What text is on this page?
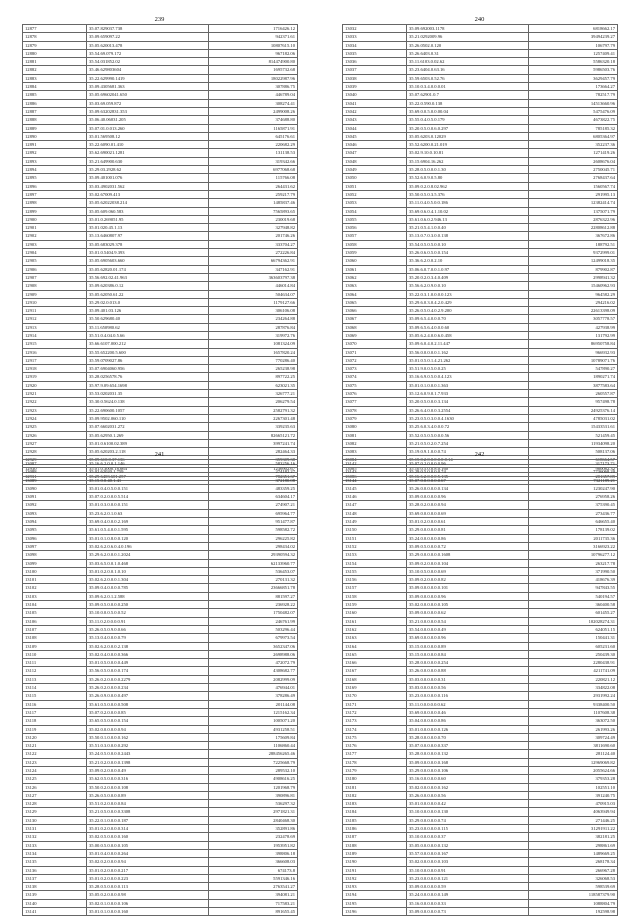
239
12877	35.07.829037.738	1716426.12
12878	35.09.659097.22	942371.61
12879	35.05.620013.478	10807615.10
12880	35.54.69.079.172	967182.06
12881	35.54.031852.02	814474900.80
12882	35.46.629803604	1695732.68
12883	35.22.629990.1419	18022987.96
12884	35.09.4305681.363	307886.75
12885	35.05.69602041.650	446789.04
12886	35.03.69.059.872	308274.41
12887	35.09.63202831.353	2499008.26
12888	35.06.40.06031.205	374688.80
12889	35.07.01.0.013.260	1165871.91
12890	35.01.569508.12	645176.61
12891	35.22.6090.01.410	220682.29
12892	35.62.690021.1281	131138.53
12893	35.21.649900.630	319342.66
12894	35.29.03.2928.62	6977068.68
12895	35.09.401001.076	115766.08
12896	35.03.4902031.562	264431.62
12897	35.02.67009.413	259217.79
12898	35.05.62022038.214	1485837.46
12899	35.05.609.060.583	7565893.65
12900	35.01.0.269051.95	230019.68
12901	35.01.020.45.1.13	327948.82
12902	35.13.6460807.97	201746.26
12903	35.05.683029.378	333704.27
12904	35.01.0.5404.9.393	272226.84
12905	35.05.6905603.660	66794362.91
12906	35.05.62820.01.174	347162.91
12907	35.56.692.02.41.963	363603797.38
12908	35.09.620386.0.12	446014.84
12909	35.05.62050.61.22	504634.07
12910	35.29.02.0.013.0	1179127.66
12911	35.09.401.03.126	306106.08
12912	35.50.629680.40	234264.88
12913	35.11.650980.62	287876.84
12914	35.51.0.4.04.0.5.66	319972.76
12915	35.66.6107.000.212	1081324.09
12916	35.55.652200.5.600	1657820.24
12917	35.59.0709027.86	770286.40
12918	35.07.6904060.956	265238.98
12919	35.28.0256578.76	897722.25
12920	35.97.9.09.654.1698	623021.35
12921	35.53.0202031.35	326777.21
12922	35.30.0.5624.0.138	206279.54
12923	35.22.690600.1057	2582791.32
12924	35.09.9502.060.110	2267301.48
12925	35.07.6602031.272	339235.63
12926	35.05.62950.1.269	82665121.72
12927	35.01.0.6100.02.389	3997241.74
12928	35.05.620203.2.118	282464.33
12929	35.09.610.0.37.136	359309.38
12930	35.01.0.3000.18.664	1236902.67
12931	35.29.6403.601.257	782351.37
240
13032	35.09.692003.1178	6818662.17
13033	35.21.0292009.96	39494239.27
13034	35.26.0502.0.120	106797.79
13035	35.26.6403.0.31	1257409.41
13036	35.11.6103.0.02.62	5586320.18
13037	35.23.6404.0.63.16	5986503.76
13038	35.59.6503.0.52.76	3629457.79
13039	35.10.0.3.4.0.0.0.01	173664.27
13040	35.07.62901.0.7	782517.79
13041	35.22.0.590.0.138	14513660.96
13042	35.69.0.0.5.0.0.00.04	5475476.09
13043	35.55.0.4.0.5.0.179	4673822.75
13044	35.20.0.5.0.0.6.0.297	785185.32
13045	35.05.6203.0.12029	6805364.97
13046	35.52.6200.0.21.019	352237.36
13047	35.02.9.10.0.10.81	1271419.26
13048	35.15.6904.16.262	2608676.04
13049	35.28.0.5.0.0.0.1.30	2750045.71
13050	35.52.6.0.9.0.5.80	2768437.64
13051	35.09.0.2.0.8.02.962	1560567.74
13052	35.50.0.5.0.3.5.376	291995.13
13053	35.11.0.4.0.5.0.0.186	12382414.74
13054	35.69.0.6.0.4.1.10.02	1375071.79
13055	35.61.0.6.0.2.946.13	2876322.96
13056	35.21.0.5.4.1.0.0.40	22808612.88
13057	35.13.0.7.0.3.0.0.138	367672.86
13058	35.54.0.5.0.5.0.0.10	188792.51
13059	35.26.0.6.0.5.0.0.154	9372999.01
13060	35.36.6.2.0.0.2.10	12499018.35
13061	35.06.6.0.7.0.0.1.0.97	879902.87
13062	35.20.0.2.0.3.4.0.409	2998941.32
13063	35.56.6.2.0.9.0.0.10	15460962.93
13064	35.22.0.3.1.0.0.0.0.123	964582.29
13065	35.29.6.0.3.0.4.2.0.429	294216.02
13066	35.26.0.5.0.4.0.2.9.200	22613398.09
13067	35.09.6.5.4.0.0.0.70	3057778.57
13068	35.09.6.5.6.4.0.0.0.60	427938.99
13069	35.05.6.2.4.0.0.6.0.458	131792.99
13070	35.09.6.0.4.0.2.11.447	86950758.84
13071	35.56.0.0.0.0.0.1.162	966932.93
13072	35.01.0.5.0.1.4.21.262	10789071.76
13073	35.51.9.0.0.5.0.0.25	547890.27
13074	35.16.6.9.0.5.0.0.4.123	1890271.74
13075	35.01.0.1.0.0.0.1.363	3877583.64
13076	35.12.6.0.9.0.1.7.933	260557.87
13077	35.20.0.5.0.0.0.3.134	957498.78
13078	35.26.6.4.0.0.0.3.2554	24925376.14
13079	35.23.0.5.0.3.0.0.4.1630	4785031.02
13080	35.25.6.0.3.4.0.0.0.72	15433531.61
13081	35.52.0.5.0.5.0.0.0.56	521459.45
13082	35.21.0.5.0.2.0.7.254	11934098.20
13083	35.19.0.9.1.0.0.0.74	508137.06
13084	35.15.0.2.0.0.0.0.0.0.14	618664.57
13085	35.10.0.5.0.0.8.0.160	980082.32
13086	35.16.6.2.0.0.0.5.135	201357.89
241
13087	35.16.6.2.0.0.1.146	583256.16
13088	35.02.62020.1.759	274182.27
13089	35.15.0.0.40.1.41	372180.08
13090	35.01.0.4.0.5.0.0.151	483359.25
13091	35.07.0.2.0.0.0.5.514	634604.17
13092	35.01.0.3.0.0.0.0.151	274907.21
13093	35.23.6.2.0.1.0.63	695964.77
13094	35.69.0.4.0.0.0.2.169	951477.87
13095	35.61.0.5.4.0.0.1.595	598582.72
13096	35.01.0.1.0.8.0.0.120	296225.82
13097	35.02.6.2.0.6.0.4.0.196	298434.02
13098	35.29.6.2.0.0.0.1.2024	29390594.32
13099	35.03.6.5.0.0.1.0.468	62133960.77
13100	35.01.0.2.0.0.1.0.10	536453.07
13101	35.02.6.2.0.0.0.1.304	270131.32
13102	35.09.0.4.0.0.0.0.785	23666851.78
13103	35.09.6.2.0.1.2.588	881597.27
13104	35.09.0.5.0.0.0.0.250	236928.22
13105	35.10.0.0.0.5.0.0.52	1750482.07
13106	35.11.0.2.0.0.0.0.91	246761.99
13107	35.26.0.5.0.9.0.0.66	503296.44
13108	35.13.0.4.0.0.0.0.79	679973.54
13109	35.02.6.2.0.0.0.2.138	3652347.06
13110	35.02.0.4.0.0.0.0.366	2698988.06
13111	35.01.0.5.0.0.0.0.449	472072.79
13112	35.56.0.5.0.0.0.0.174	4308682.77
13113	35.26.0.2.0.0.0.0.2279	2082999.09
13114	35.26.0.2.0.0.0.0.234	476944.01
13115	35.26.0.9.0.0.0.0.497	378286.49
13116	35.61.0.5.0.0.0.0.508	201144.08
13117	35.07.0.2.0.0.0.0.85	1215162.34
13118	35.65.0.5.0.0.0.0.154	1005071.20
13119	35.02.0.0.0.0.0.0.94	4931258.51
13120	35.50.0.1.0.0.0.0.162	175609.84
13121	35.51.0.3.0.0.0.0.292	1106860.44
13122	35.24.0.5.0.0.0.0.2443	288456265.46
13123	35.21.0.2.0.0.0.0.1398	7225668.79
13124	35.09.0.2.0.0.0.0.49	289532.10
13125	35.62.0.5.0.0.0.0.316	4908616.25
13126	35.50.0.2.0.0.0.0.108	1201968.79
13127	35.26.0.5.0.0.0.0.89	390896.81
13128	35.51.0.2.0.0.0.0.84	536297.32
13129	35.21.0.5.0.0.0.0.3308	2971821.31
13130	35.22.0.1.0.0.0.0.187	2840468.30
13131	35.01.0.2.0.0.0.0.314	352891.86
13132	35.02.0.5.0.0.0.0.160	232478.69
13133	35.00.0.5.0.0.0.0.105	1953951.82
13134	35.01.0.4.0.0.0.0.264	398806.18
13135	35.02.0.2.0.0.0.0.94	366608.03
13136	35.01.0.2.0.0.0.0.217	674173.8
13137	35.01.0.2.0.0.0.0.223	5591346.16
13138	35.28.0.5.0.0.0.0.113	2763541.27
13139	35.05.0.2.0.0.0.0.98	394081.21
13140	35.02.0.1.0.0.0.0.106	717583.21
13141	35.01.0.1.0.0.0.0.160	891655.45
242
13142	35.07.0.2.0.0.0.0.96	317173.71
13143	35.29.0.5.0.0.0.0.74	7736068.20
13144	35.07.0.0.0.0.0.0.67	7321189.21
13145	35.26.0.0.0.0.0.0.134	1230247.90
13146	35.09.0.0.0.0.0.0.96	276958.26
13147	35.28.0.2.0.0.0.0.94	375390.45
13148	35.69.0.0.0.0.0.0.69	273436.77
13149	35.01.0.2.0.0.0.0.61	646655.40
13150	35.29.0.0.0.0.0.0.81	178139.02
13151	35.24.0.0.0.0.0.0.86	2011735.36
13152	35.09.0.5.0.0.0.0.72	3166923.22
13153	35.29.0.0.0.0.0.0.1608	10796277.12
13154	35.09.0.2.0.0.0.0.104	263217.78
13155	35.10.0.5.0.0.0.0.69	371990.50
13156	35.09.0.2.0.0.0.0.82	418676.39
13157	35.09.0.0.0.0.0.0.101	947843.55
13158	35.09.0.0.0.0.0.0.96	540194.57
13159	35.02.0.0.0.0.0.0.105	360400.58
13160	35.09.0.0.0.0.0.0.62	601455.27
13161	35.21.0.0.0.0.0.0.54	102028274.31
13162	35.54.0.0.0.0.0.0.49	624051.15
13163	35.69.0.0.0.0.0.0.96	150441.31
13164	35.15.0.0.0.0.0.0.89	605231.60
13165	35.15.0.0.0.0.0.0.84	250439.30
13166	35.28.0.0.0.0.0.0.254	2280438.91
13167	35.26.0.0.0.0.0.0.88	4211741.09
13168	35.03.0.0.0.0.0.0.31	220821.12
13169	35.03.0.0.0.0.0.0.56	334822.08
13170	35.23.0.0.0.0.0.0.116	2931992.24
13171	35.11.0.0.0.0.0.0.62	9338400.50
13172	35.69.0.0.0.0.0.0.46	1107608.38
13173	35.04.0.0.0.0.0.0.86	363072.50
13174	35.01.0.0.0.0.0.0.126	261993.26
13175	35.28.0.0.0.0.0.0.70	309724.49
13176	35.07.0.0.0.0.0.0.337	3811690.60
13177	35.28.0.0.0.0.0.0.132	281124.40
13178	35.09.0.0.0.0.0.0.168	12969069.82
13179	35.29.0.0.0.0.0.0.106	2055624.66
13180	35.16.0.0.0.0.0.0.60	379353.28
13181	35.02.0.0.0.0.0.0.162	102551.10
13182	35.26.0.0.0.0.0.0.56	391240.75
13183	35.01.0.0.0.0.0.0.42	470915.03
13184	35.10.0.0.0.0.0.0.130	4063949.94
13185	35.29.0.0.0.0.0.0.74	271446.25
13186	35.23.0.0.0.0.0.0.115	31291911.22
13187	35.10.0.0.0.0.0.0.37	382181.25
13188	35.05.0.0.0.0.0.0.132	298861.69
13189	35.57.0.0.0.0.0.0.167	1489669.25
13190	35.02.0.0.0.0.0.0.103	268178.34
13191	35.10.0.0.0.0.0.0.91	266967.28
13192	35.23.0.0.0.0.0.0.121	326068.53
13193	35.09.0.0.0.0.0.0.59	598539.69
13194	35.24.0.0.0.0.0.0.149	118587379.90
13195	35.16.0.0.0.0.0.0.33	1088804.79
13196	35.09.0.0.0.0.0.0.73	192598.98
